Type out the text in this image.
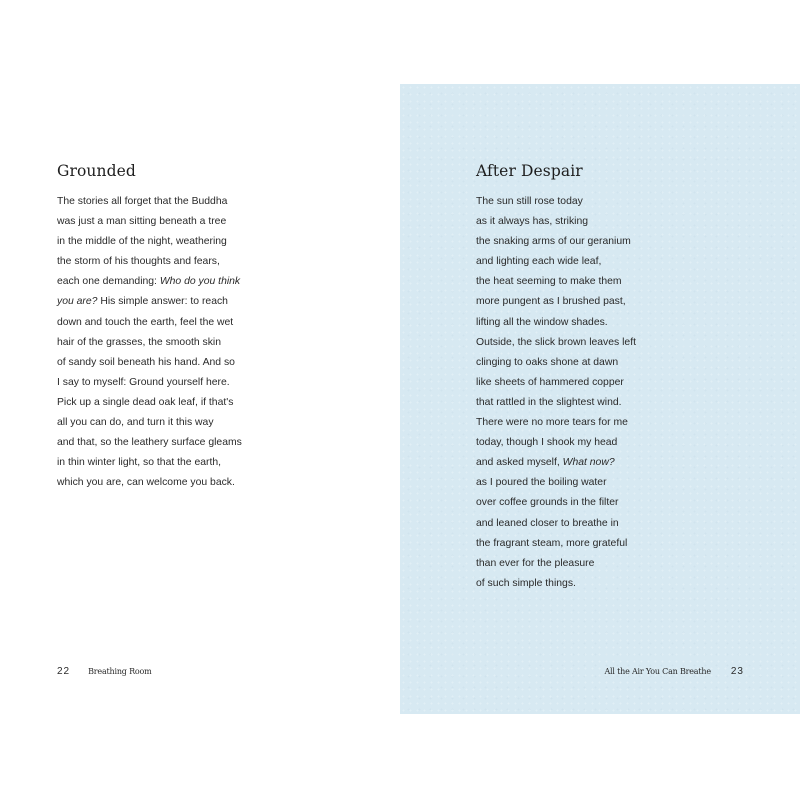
Grounded
The stories all forget that the Buddha
was just a man sitting beneath a tree
in the middle of the night, weathering
the storm of his thoughts and fears,
each one demanding: Who do you think
you are? His simple answer: to reach
down and touch the earth, feel the wet
hair of the grasses, the smooth skin
of sandy soil beneath his hand. And so
I say to myself: Ground yourself here.
Pick up a single dead oak leaf, if that's
all you can do, and turn it this way
and that, so the leathery surface gleams
in thin winter light, so that the earth,
which you are, can welcome you back.
22 Breathing Room
After Despair
The sun still rose today
as it always has, striking
the snaking arms of our geranium
and lighting each wide leaf,
the heat seeming to make them
more pungent as I brushed past,
lifting all the window shades.
Outside, the slick brown leaves left
clinging to oaks shone at dawn
like sheets of hammered copper
that rattled in the slightest wind.
There were no more tears for me
today, though I shook my head
and asked myself, What now?
as I poured the boiling water
over coffee grounds in the filter
and leaned closer to breathe in
the fragrant steam, more grateful
than ever for the pleasure
of such simple things.
All the Air You Can Breathe 23
